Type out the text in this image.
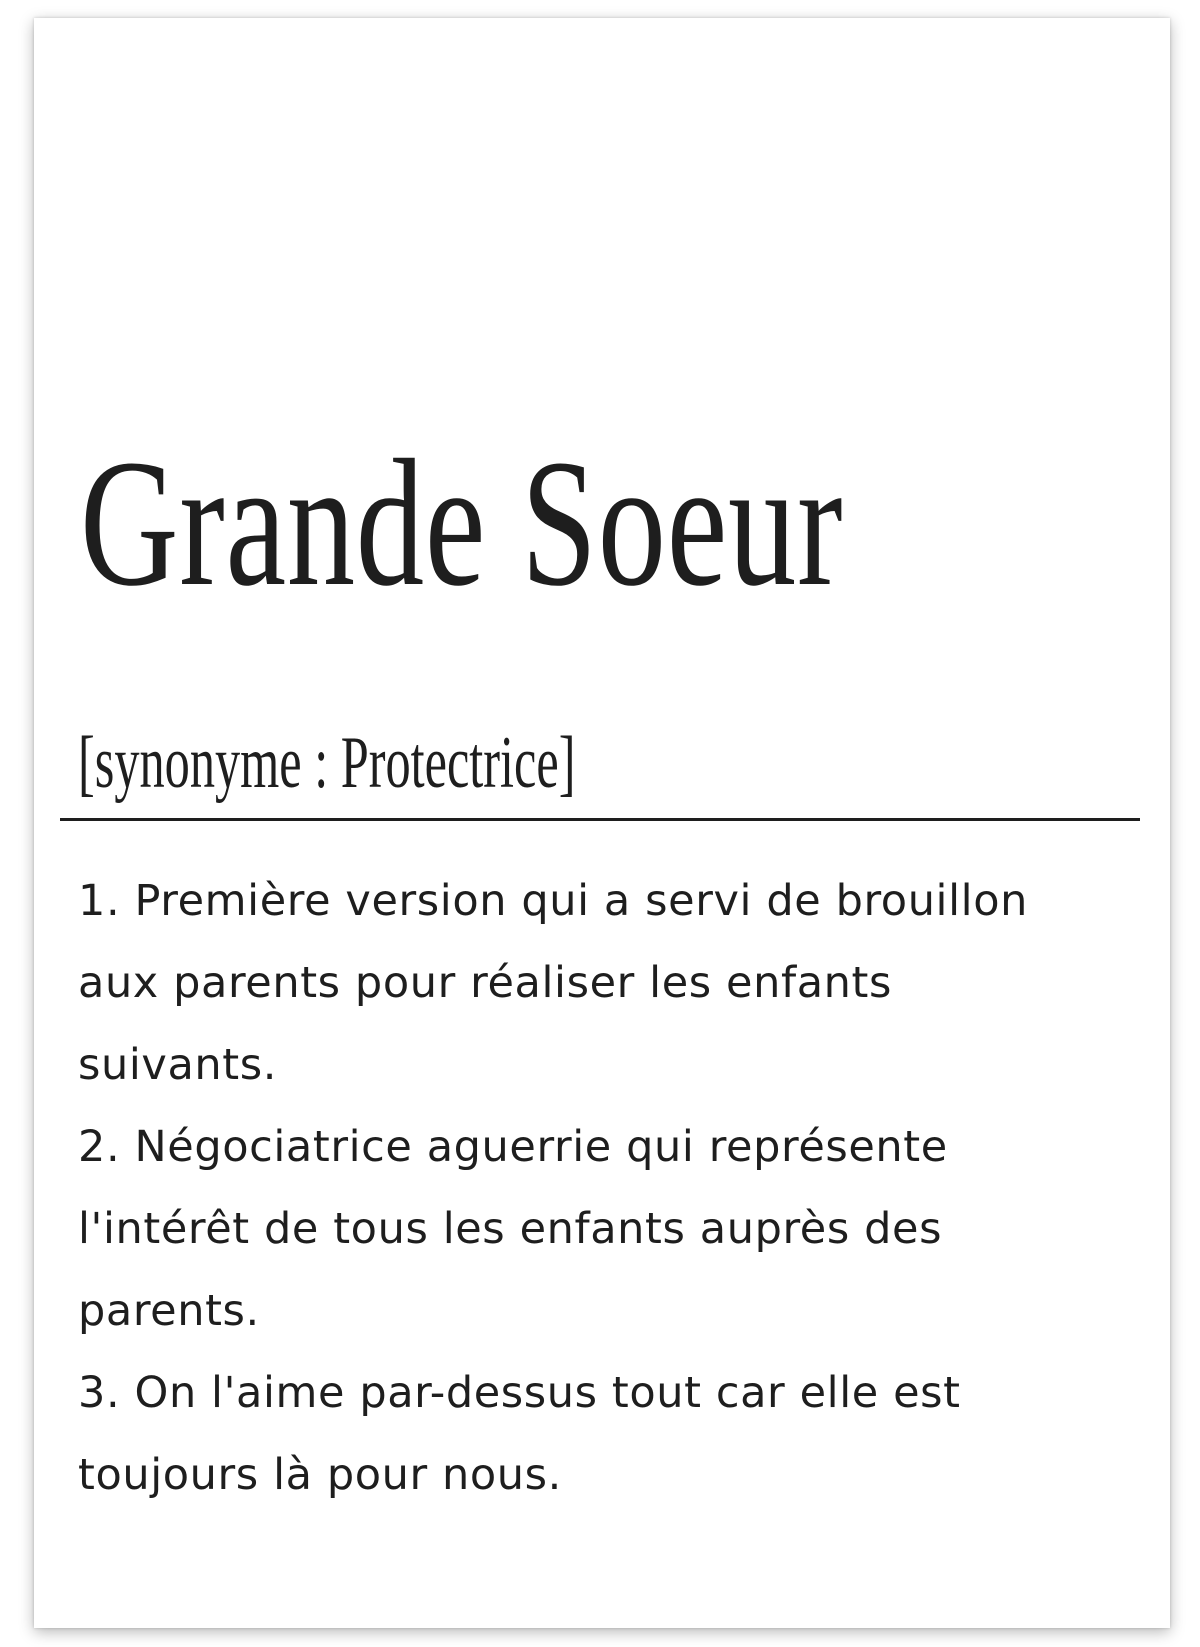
Grande Soeur
[synonyme : Protectrice]
1. Première version qui a servi de brouillon
aux parents pour réaliser les enfants
suivants.
2. Négociatrice aguerrie qui représente
l'intérêt de tous les enfants auprès des
parents.
3. On l'aime par-dessus tout car elle est
toujours là pour nous.
